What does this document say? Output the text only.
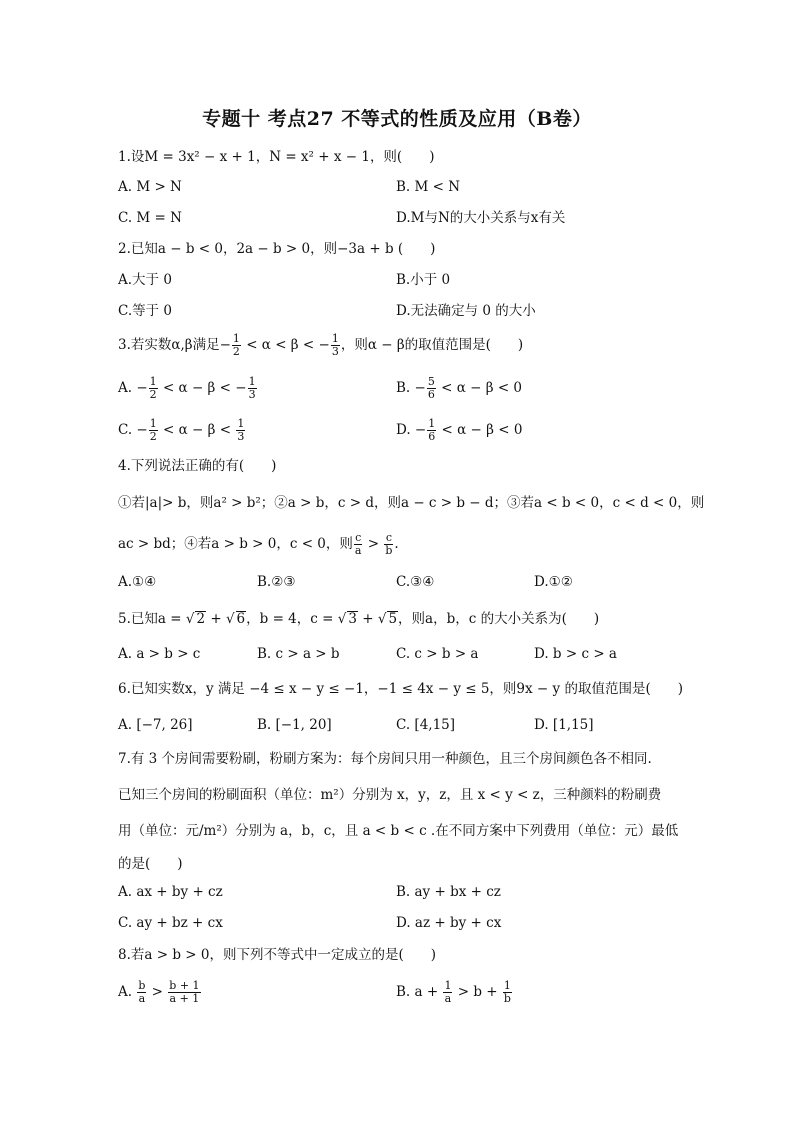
专题十 考点27 不等式的性质及应用（B卷）
1.设M = 3x² − x + 1，N = x² + x − 1，则(　　)
A. M > N	B. M < N
C. M = N	D.M与N的大小关系与x有关
2.已知a − b < 0，2a − b > 0，则−3a + b (　　)
A.大于 0	B.小于 0
C.等于 0	D.无法确定与 0 的大小
3.若实数α,β满足− $\frac{1}{2} < \alpha < \beta$ < − $\frac{1}{3}$ ，则α − β的取值范围是(　　)
A. − $\frac{1}{2} < \alpha - \beta$ < − $\frac{1}{3}$	B. − $\frac{5}{6} < \alpha - \beta < 0$
C. − $\frac{1}{2} < \alpha - \beta < \frac{1}{3}$	D. − $\frac{1}{6} < \alpha - \beta < 0$
4.下列说法正确的有(　　)
①若|a|> b，则a² > b²；②a > b，c > d，则a − c > b − d；③若a < b < 0，c < d < 0，则
ac > bd；④若a > b > 0，c < 0，则 $\frac{c}{a} > \frac{c}{b}$ .
A.①④	B.②③	C.③④	D.①②
5.已知a = √ 2 + √ 6，b = 4，c = √ 3 + √ 5，则a，b，c 的大小关系为(　　)
A. a > b > c	B. c > a > b	C. c > b > a	D. b > c > a
6.已知实数x，y 满足 −4 ≤ x − y ≤ −1，−1 ≤ 4x − y ≤ 5，则9x − y 的取值范围是(　　)
A. [−7, 26]	B. [−1, 20]	C. [4,15]	D. [1,15]
7.有 3 个房间需要粉刷，粉刷方案为：每个房间只用一种颜色，且三个房间颜色各不相同.
已知三个房间的粉刷面积（单位：m²）分别为 x，y，z，且 x < y < z，三种颜料的粉刷费
用（单位：元/m²）分别为 a，b，c，且 a < b < c .在不同方案中下列费用（单位：元）最低
的是(　　)
A. ax + by + cz	B. ay + bx + cz
C. ay + bz + cx	D. az + by + cx
8.若a > b > 0，则下列不等式中一定成立的是(　　)
A. $\frac{b}{a} > \frac{b + 1}{a + 1}$	B. $a + \frac{1}{a} > b + \frac{1}{b}$
